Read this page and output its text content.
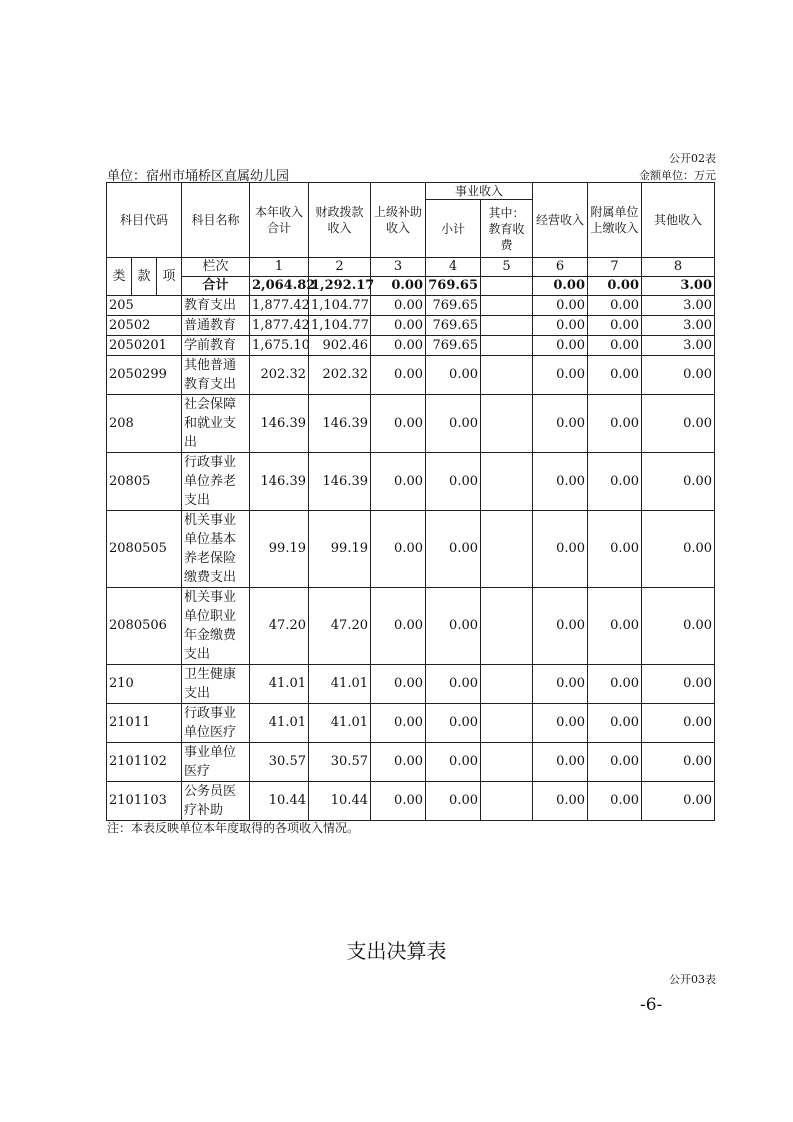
公开02表
单位：宿州市埇桥区直属幼儿园	金额单位：万元
科目代码			科目名称	本年收入合计	财政拨款收入	上级补助收入	事业收入		经营收入	附属单位上缴收入	其他收入
							小计	其中：教育收费			
类	款	项	栏次	1	2	3	4	5	6	7	8
			合计	2,064.82	1,292.17	0.00	769.65		0.00	0.00	3.00
205			教育支出	1,877.42	1,104.77	0.00	769.65		0.00	0.00	3.00
20502			普通教育	1,877.42	1,104.77	0.00	769.65		0.00	0.00	3.00
2050201			学前教育	1,675.10	902.46	0.00	769.65		0.00	0.00	3.00
2050299			其他普通教育支出	202.32	202.32	0.00	0.00		0.00	0.00	0.00
208			社会保障和就业支出	146.39	146.39	0.00	0.00		0.00	0.00	0.00
20805			行政事业单位养老支出	146.39	146.39	0.00	0.00		0.00	0.00	0.00
2080505			机关事业单位基本养老保险缴费支出	99.19	99.19	0.00	0.00		0.00	0.00	0.00
2080506			机关事业单位职业年金缴费支出	47.20	47.20	0.00	0.00		0.00	0.00	0.00
210			卫生健康支出	41.01	41.01	0.00	0.00		0.00	0.00	0.00
21011			行政事业单位医疗	41.01	41.01	0.00	0.00		0.00	0.00	0.00
2101102			事业单位医疗	30.57	30.57	0.00	0.00		0.00	0.00	0.00
2101103			公务员医疗补助	10.44	10.44	0.00	0.00		0.00	0.00	0.00
注：本表反映单位本年度取得的各项收入情况。
支出决算表
公开03表
-6-
